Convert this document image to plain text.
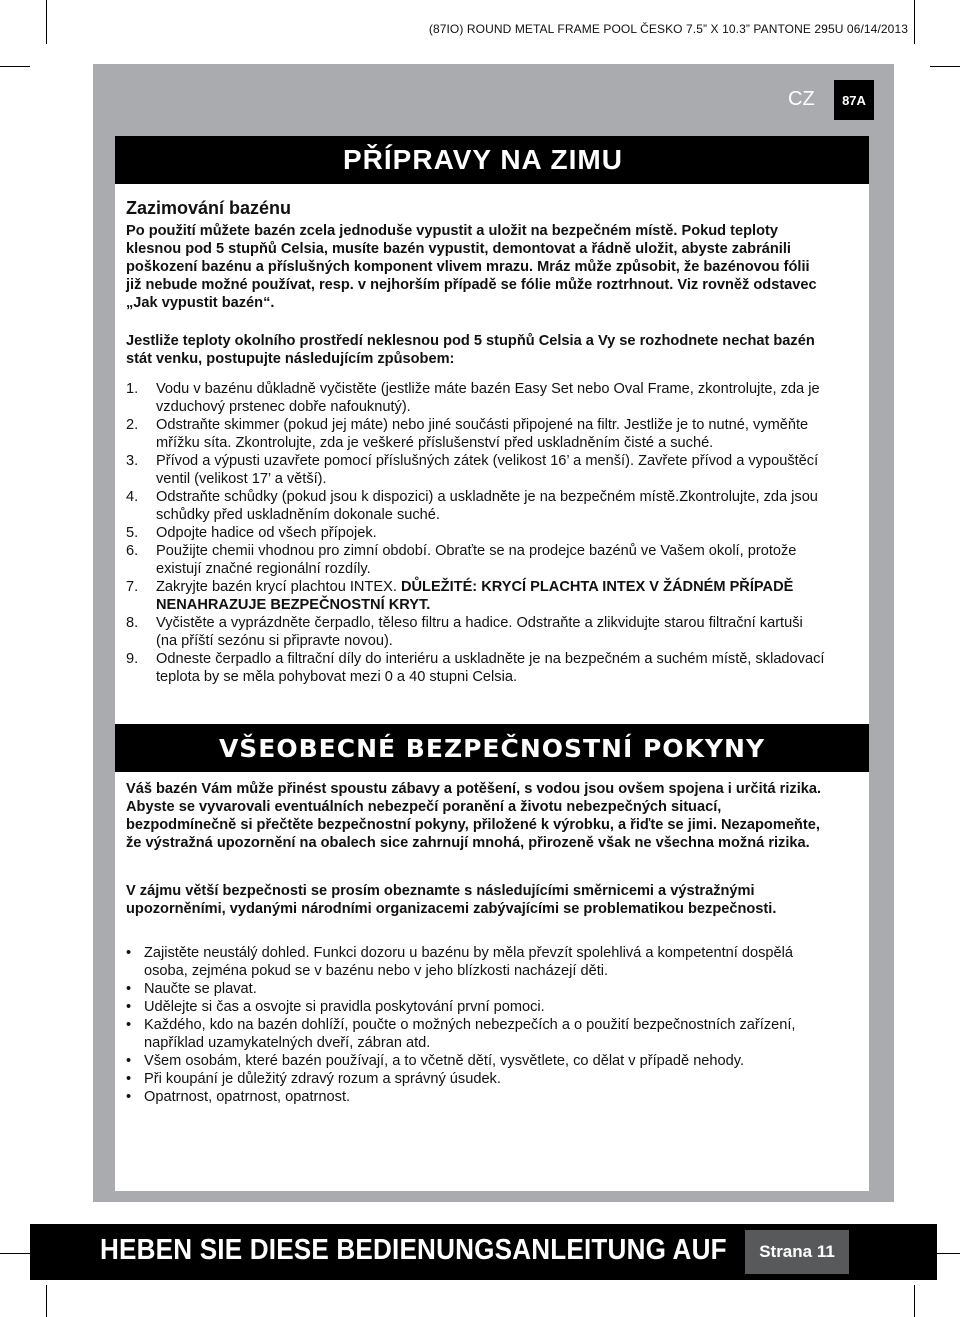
(87IO) ROUND METAL FRAME POOL ČESKO 7.5” X 10.3” PANTONE 295U 06/14/2013
CZ	87A
PŘÍPRAVY NA ZIMU
Zazimování bazénu

Po použití můžete bazén zcela jednoduše vypustit a uložit na bezpečném místě. Pokud teploty klesnou pod 5 stupňů Celsia, musíte bazén vypustit, demontovat a řádně uložit, abyste zabránili poškození bazénu a příslušných komponent vlivem mrazu. Mráz může způsobit, že bazénovou fólii již nebude možné používat, resp. v nejhorším případě se fólie může roztrhnout. Viz rovněž odstavec „Jak vypustit bazén“.

Jestliže teploty okolního prostředí neklesnou pod 5 stupňů Celsia a Vy se rozhodnete nechat bazén stát venku, postupujte následujícím způsobem:

1. Vodu v bazénu důkladně vyčistěte (jestliže máte bazén Easy Set nebo Oval Frame, zkontrolujte, zda je vzduchový prstenec dobře nafouknutý).
2. Odstraňte skimmer (pokud jej máte) nebo jiné součásti připojené na filtr. Jestliže je to nutné, vyměňte mřížku síta. Zkontrolujte, zda je veškeré příslušenství před uskladněním čisté a suché.
3. Přívod a výpusti uzavřete pomocí příslušných zátek (velikost 16’ a menší). Zavřete přívod a vypouštěcí ventil (velikost 17’ a větší).
4. Odstraňte schůdky (pokud jsou k dispozici) a uskladněte je na bezpečném místě.Zkontrolujte, zda jsou schůdky před uskladněním dokonale suché.
5. Odpojte hadice od všech přípojek.
6. Použijte chemii vhodnou pro zimní období. Obraťte se na prodejce bazénů ve Vašem okolí, protože existují značné regionální rozdíly.
7. Zakryjte bazén krycí plachtou INTEX. DŮLEŽITÉ: KRYCÍ PLACHTA INTEX V ŽÁDNÉM PŘÍPADĚ NENAHRAZUJE BEZPEČNOSTNÍ KRYT.
8. Vyčistěte a vyprázdněte čerpadlo, těleso filtru a hadice. Odstraňte a zlikvidujte starou filtrační kartuši (na příští sezónu si připravte novou).
9. Odneste čerpadlo a filtrační díly do interiéru a uskladněte je na bezpečném a suchém místě, skladovací teplota by se měla pohybovat mezi 0 a 40 stupni Celsia.
VŠEOBECNÉ BEZPEČNOSTNÍ POKYNY

Váš bazén Vám může přinést spoustu zábavy a potěšení, s vodou jsou ovšem spojena i určitá rizika. Abyste se vyvarovali eventuálních nebezpečí poranění a životu nebezpečných situací, bezpodmínečně si přečtěte bezpečnostní pokyny, přiložené k výrobku, a řiďte se jimi. Nezapomeňte, že výstražná upozornění na obalech sice zahrnují mnohá, přirozeně však ne všechna možná rizika.

V zájmu větší bezpečnosti se prosím obeznamte s následujícími směrnicemi a výstražnými upozorněními, vydanými národními organizacemi zabývajícími se problematikou bezpečnosti.

• Zajistěte neustálý dohled. Funkci dozoru u bazénu by měla převzít spolehlivá a kompetentní dospělá osoba, zejména pokud se v bazénu nebo v jeho blízkosti nacházejí děti.
• Naučte se plavat.
• Udělejte si čas a osvojte si pravidla poskytování první pomoci.
• Každého, kdo na bazén dohlíží, poučte o možných nebezpečích a o použití bezpečnostních zařízení, například uzamykatelných dveří, zábran atd.
• Všem osobám, které bazén používají, a to včetně dětí, vysvětlete, co dělat v případě nehody.
• Při koupání je důležitý zdravý rozum a správný úsudek.
• Opatrnost, opatrnost, opatrnost.
HEBEN SIE DIESE BEDIENUNGSANLEITUNG AUF	Strana 11
